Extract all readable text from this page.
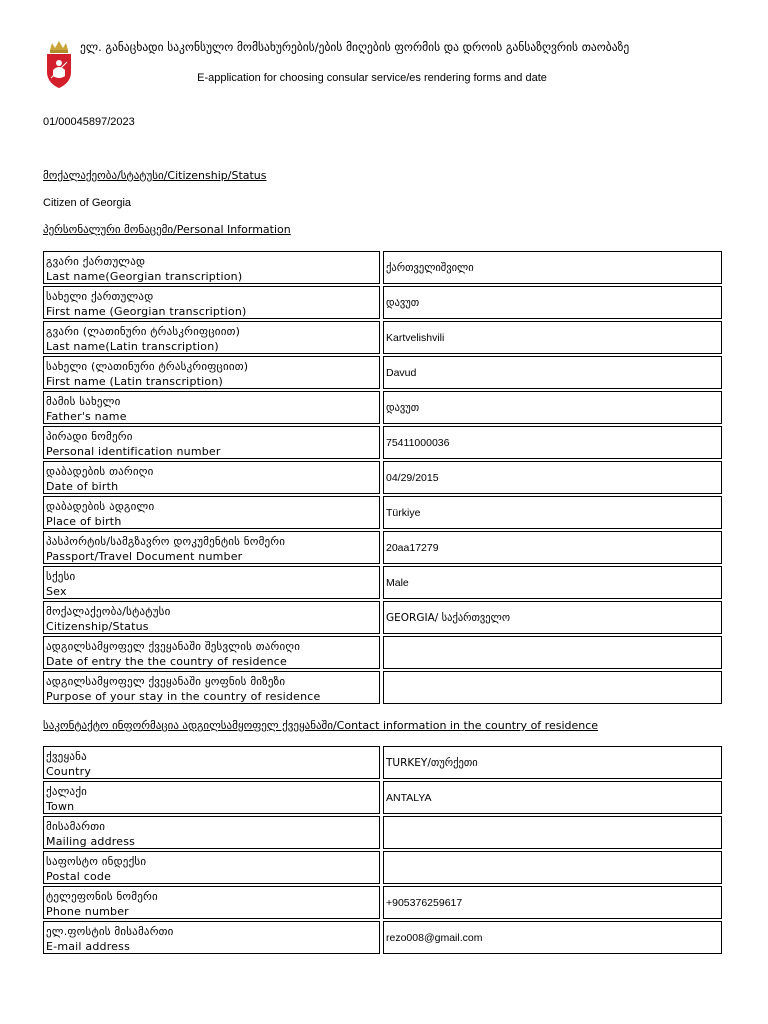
ელ. განაცხადი საკონსულო მომსახურების/ების მიღების ფორმის და დროის განსაზღვრის თაობაზე
E-application for choosing consular service/es rendering forms and date
01/00045897/2023
მოქალაქეობა/სტატუსი/Citizenship/Status
Citizen of Georgia
პერსონალური მონაცემი/Personal Information
გვარი ქართულად
Last name(Georgian transcription)
ქართველიშვილი
სახელი ქართულად
First name (Georgian transcription)
დავუთ
გვარი (ლათინური ტრასკრიფციით)
Last name(Latin transcription)
Kartvelishvili
სახელი (ლათინური ტრასკრიფციით)
First name (Latin transcription)
Davud
მამის სახელი
Father's name
დავუთ
პირადი ნომერი
Personal identification number
75411000036
დაბადების თარიღი
Date of birth
04/29/2015
დაბადების ადგილი
Place of birth
Türkiye
პასპორტის/სამგზავრო დოკუმენტის ნომერი
Passport/Travel Document number
20aa17279
სქესი
Sex
Male
მოქალაქეობა/სტატუსი
Citizenship/Status
GEORGIA/ საქართველო
ადგილსამყოფელ ქვეყანაში შესვლის თარიღი
Date of entry the the country of residence
ადგილსამყოფელ ქვეყანაში ყოფნის მიზეზი
Purpose of your stay in the country of residence
საკონტაქტო ინფორმაცია ადგილსამყოფელ ქვეყანაში/Contact information in the country of residence
ქვეყანა
Country
TURKEY/თურქეთი
ქალაქი
Town
ANTALYA
მისამართი
Mailing address
საფოსტო ინდექსი
Postal code
ტელეფონის ნომერი
Phone number
+905376259617
ელ.ფოსტის მისამართი
E-mail address
rezo008@gmail.com
